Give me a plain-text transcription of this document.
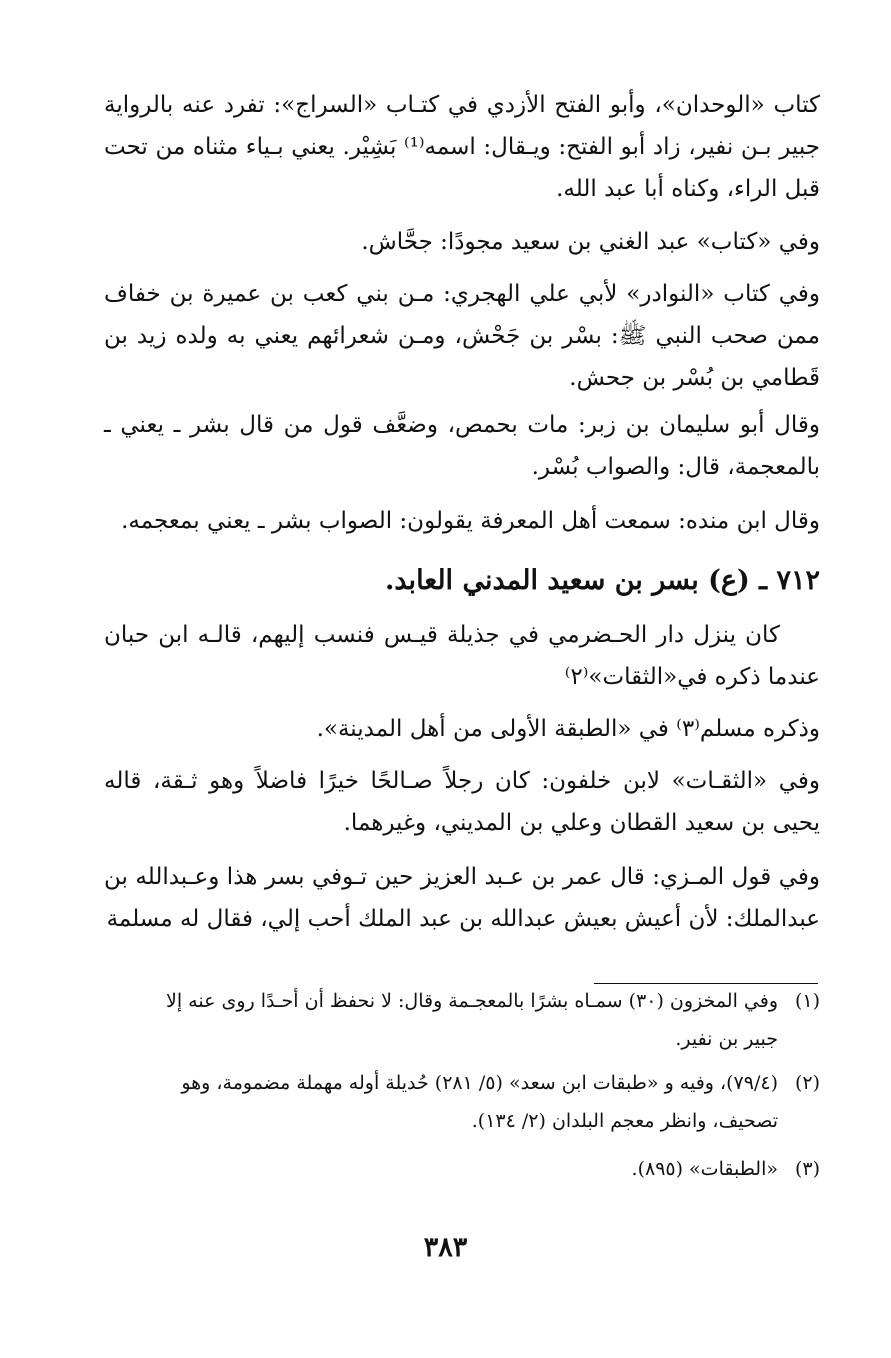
كتاب «الوحدان»، وأبو الفتح الأزدي في كتـاب «السراج»: تفرد عنه بالرواية جبير بـن نفير، زاد أبو الفتح: ويـقال: اسمه⁽¹⁾ بَشِيْر. يعني بـياء مثناه من تحت قبل الراء، وكناه أبا عبد الله.

وفي «كتاب» عبد الغني بن سعيد مجودًا: جحَّاش.

وفي كتاب «النوادر» لأبي علي الهجري: مـن بني كعب بن عميرة بن خفاف ممن صحب النبي ﷺ: بسْر بن جَحْش، ومـن شعرائهم يعني به ولده زيد بن قَطامي بن بُسْر بن جحش.

وقال أبو سليمان بن زبر: مات بحمص، وضعَّف قول من قال بشر ـ يعني ـ بالمعجمة، قال: والصواب بُسْر.

وقال ابن منده: سمعت أهل المعرفة يقولون: الصواب بشر ـ يعني بمعجمه.

٧١٢ ـ (ع) بسر بن سعيد المدني العابد.

كان ينزل دار الحـضرمي في جذيلة قيـس فنسب إليهم، قالـه ابن حبان عندما ذكره في«الثقات»⁽٢⁾

وذكره مسلم⁽٣⁾ في «الطبقة الأولى من أهل المدينة».

وفي «الثقـات» لابن خلفون: كان رجلاً صـالحًا خيرًا فاضلاً وهو ثـقة، قاله يحيى بن سعيد القطان وعلي بن المديني، وغيرهما.

وفي قول المـزي: قال عمر بن عـبد العزيز حين تـوفي بسر هذا وعـبدالله بن عبدالملك: لأن أعيش بعيش عبدالله بن عبد الملك أحب إلي، فقال له مسلمة

(١)وفي المخزون (٣٠) سمـاه بشرًا بالمعجـمة وقال: لا نحفظ أن أحـدًا روى عنه إلا
جبير بن نفير.
(٢)(٧٩/٤)، وفيه و «طبقات ابن سعد» (٥/ ٢٨١) حُديلة أوله مهملة مضمومة، وهو
تصحيف، وانظر معجم البلدان (٢/ ١٣٤).
(٣)«الطبقات» (٨٩٥).
٣٨٣
